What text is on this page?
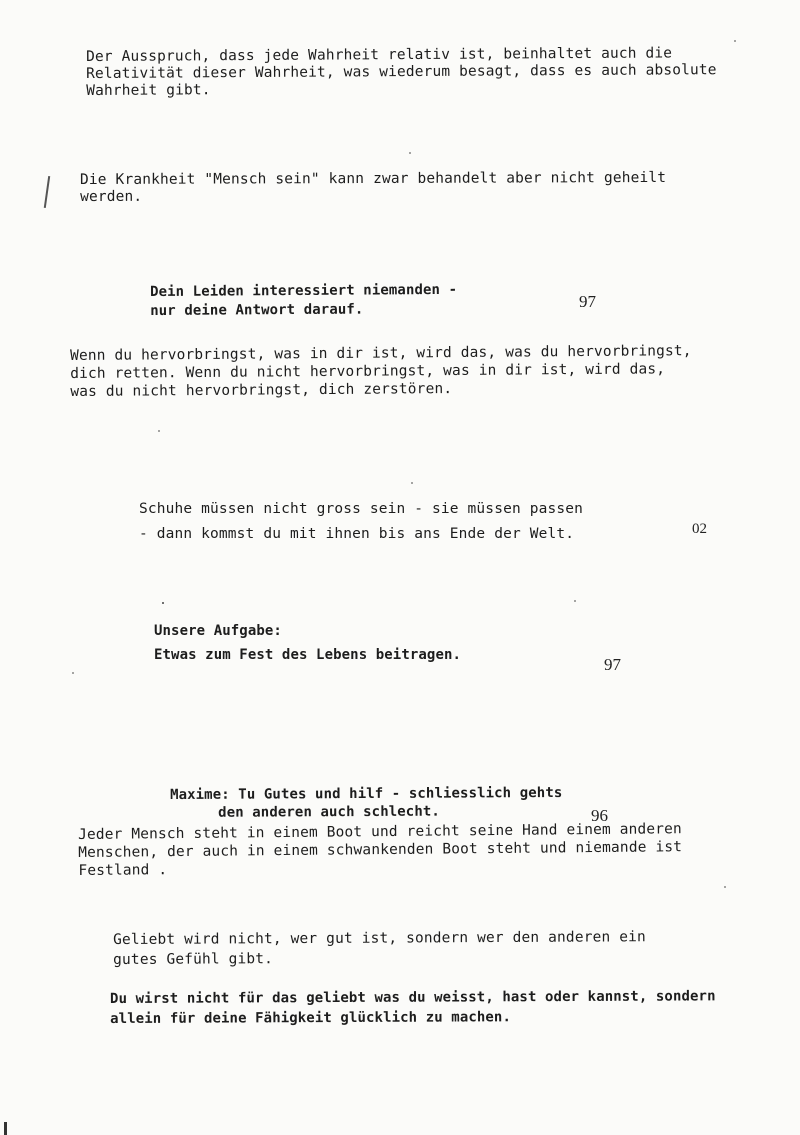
Der Ausspruch, dass jede Wahrheit relativ ist, beinhaltet auch die
Relativität dieser Wahrheit, was wiederum besagt, dass es auch absolute
Wahrheit gibt.
Die Krankheit "Mensch sein" kann zwar behandelt aber nicht geheilt
werden.
Dein Leiden interessiert niemanden -
nur deine Antwort darauf.	97
Wenn du hervorbringst, was in dir ist, wird das, was du hervorbringst,
dich retten. Wenn du nicht hervorbringst, was in dir ist, wird das,
was du nicht hervorbringst, dich zerstören.
Schuhe müssen nicht gross sein - sie müssen passen
- dann kommst du mit ihnen bis ans Ende der Welt.	02
Unsere Aufgabe:
Etwas zum Fest des Lebens beitragen.	97
Maxime: Tu Gutes und hilf - schliesslich gehts
den anderen auch schlecht.	96
Jeder Mensch steht in einem Boot und reicht seine Hand einem anderen
Menschen, der auch in einem schwankenden Boot steht und niemande ist
Festland .
Geliebt wird nicht, wer gut ist, sondern wer den anderen ein
gutes Gefühl gibt.
Du wirst nicht für das geliebt was du weisst, hast oder kannst, sondern
allein für deine Fähigkeit glücklich zu machen.
